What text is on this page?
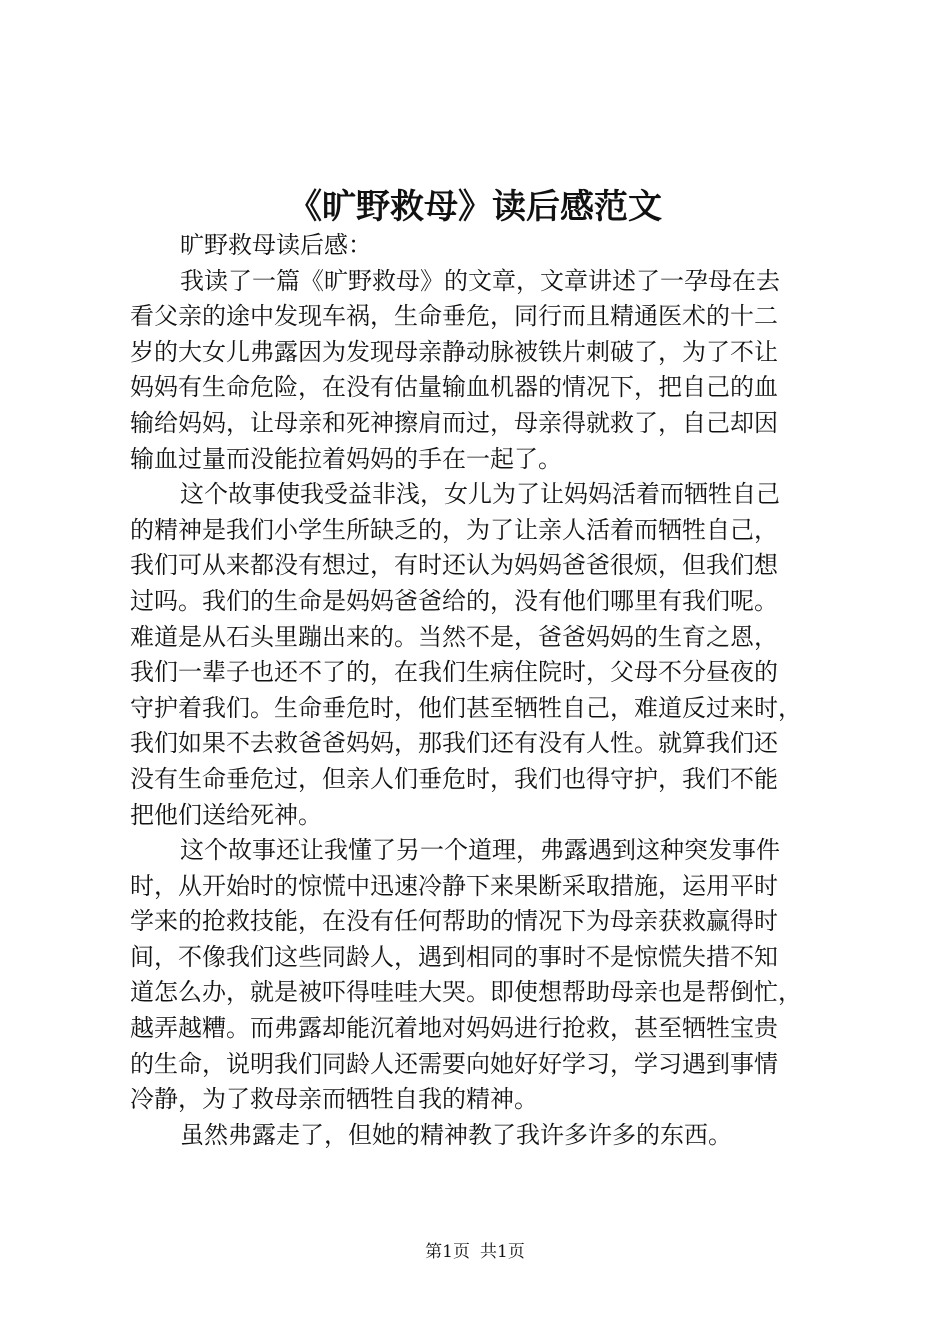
《旷野救母》读后感范文
旷野救母读后感：
我读了一篇《旷野救母》的文章，文章讲述了一孕母在去
看父亲的途中发现车祸，生命垂危，同行而且精通医术的十二
岁的大女儿弗露因为发现母亲静动脉被铁片刺破了，为了不让
妈妈有生命危险，在没有估量输血机器的情况下，把自己的血
输给妈妈，让母亲和死神擦肩而过，母亲得就救了，自己却因
输血过量而没能拉着妈妈的手在一起了。
这个故事使我受益非浅，女儿为了让妈妈活着而牺牲自己
的精神是我们小学生所缺乏的，为了让亲人活着而牺牲自己，
我们可从来都没有想过，有时还认为妈妈爸爸很烦，但我们想
过吗。我们的生命是妈妈爸爸给的，没有他们哪里有我们呢。
难道是从石头里蹦出来的。当然不是，爸爸妈妈的生育之恩，
我们一辈子也还不了的，在我们生病住院时，父母不分昼夜的
守护着我们。生命垂危时，他们甚至牺牲自己，难道反过来时，
我们如果不去救爸爸妈妈，那我们还有没有人性。就算我们还
没有生命垂危过，但亲人们垂危时，我们也得守护，我们不能
把他们送给死神。
这个故事还让我懂了另一个道理，弗露遇到这种突发事件
时，从开始时的惊慌中迅速冷静下来果断采取措施，运用平时
学来的抢救技能，在没有任何帮助的情况下为母亲获救赢得时
间，不像我们这些同龄人，遇到相同的事时不是惊慌失措不知
道怎么办，就是被吓得哇哇大哭。即使想帮助母亲也是帮倒忙，
越弄越糟。而弗露却能沉着地对妈妈进行抢救，甚至牺牲宝贵
的生命，说明我们同龄人还需要向她好好学习，学习遇到事情
冷静，为了救母亲而牺牲自我的精神。
虽然弗露走了，但她的精神教了我许多许多的东西。
第1页 共1页
